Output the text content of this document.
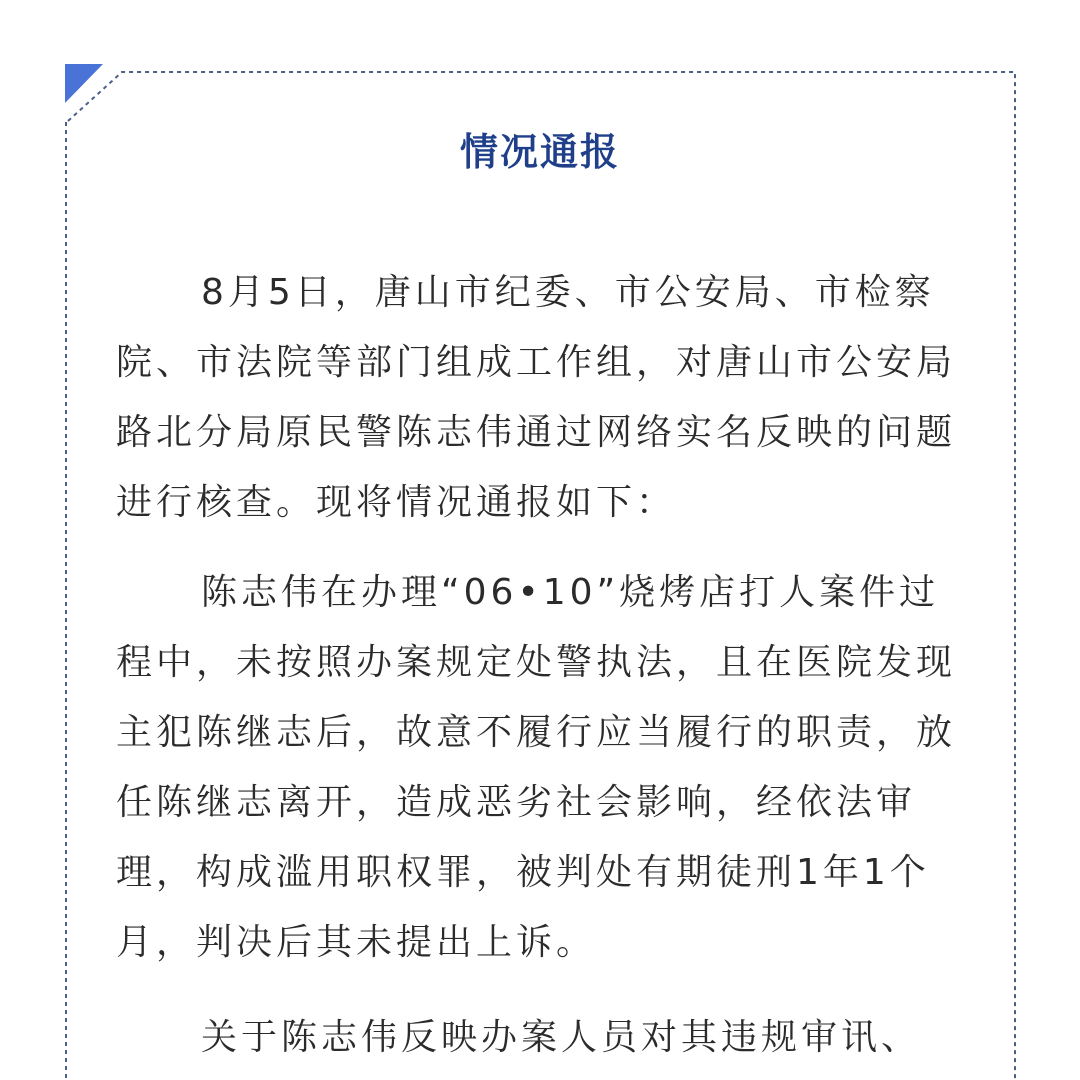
情况通报

8月5日，唐山市纪委、市公安局、市检察院、市法院等部门组成工作组，对唐山市公安局路北分局原民警陈志伟通过网络实名反映的问题进行核查。现将情况通报如下：

陈志伟在办理“06•10”烧烤店打人案件过程中，未按照办案规定处警执法，且在医院发现主犯陈继志后，故意不履行应当履行的职责，放任陈继志离开，造成恶劣社会影响，经依法审理，构成滥用职权罪，被判处有期徒刑1年1个月，判决后其未提出上诉。

关于陈志伟反映办案人员对其违规审讯、
